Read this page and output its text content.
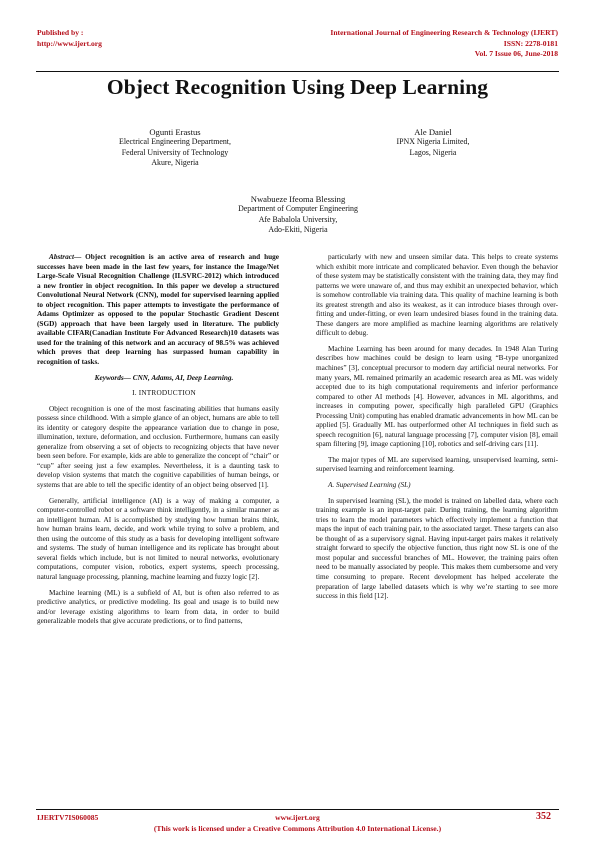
Published by :
http://www.ijert.org
International Journal of Engineering Research & Technology (IJERT)
ISSN: 2278-0181
Vol. 7 Issue 06, June-2018
Object Recognition Using Deep Learning
Ogunti Erastus
Electrical Engineering Department,
Federal University of Technology
Akure, Nigeria
Ale Daniel
IPNX Nigeria Limited,
Lagos, Nigeria
Nwabueze Ifeoma Blessing
Department of Computer Engineering
Afe Babalola University,
Ado-Ekiti, Nigeria

Abstract— Object recognition is an active area of research and huge successes have been made in the last few years, for instance the Image/Net Large-Scale Visual Recognition Challenge (ILSVRC-2012) which introduced a new frontier in object recognition. In this paper we develop a structured Convolutional Neural Network (CNN), model for supervised learning applied to object recognition. This paper attempts to investigate the performance of Adams Optimizer as opposed to the popular Stochastic Gradient Descent (SGD) approach that have been largely used in literature. The publicly available CIFAR(Canadian Institute For Advanced Research)10 datasets was used for the training of this network and an accuracy of 98.5% was achieved which proves that deep learning has surpassed human capability in recognition of tasks.

Keywords— CNN, Adams, AI, Deep Learning.

I. INTRODUCTION

Object recognition is one of the most fascinating abilities that humans easily possess since childhood. With a simple glance of an object, humans are able to tell its identity or category despite the appearance variation due to change in pose, illumination, texture, deformation, and occlusion. Furthermore, humans can easily generalize from observing a set of objects to recognizing objects that have never been seen before. For example, kids are able to generalize the concept of “chair” or “cup” after seeing just a few examples. Nevertheless, it is a daunting task to develop vision systems that match the cognitive capabilities of human beings, or systems that are able to tell the specific identity of an object being observed [1].

Generally, artificial intelligence (AI) is a way of making a computer, a computer-controlled robot or a software think intelligently, in a similar manner as an intelligent human. AI is accomplished by studying how human brains think, how human brains learn, decide, and work while trying to solve a problem, and then using the outcome of this study as a basis for developing intelligent software and systems. The study of human intelligence and its replicate has brought about several fields which include, but is not limited to neural networks, evolutionary computations, computer vision, robotics, expert systems, speech processing, natural language processing, planning, machine learning and fuzzy logic [2].

Machine learning (ML) is a subfield of AI, but is often also referred to as predictive analytics, or predictive modeling. Its goal and usage is to build new and/or leverage existing algorithms to learn from data, in order to build generalizable models that give accurate predictions, or to find patterns,

particularly with new and unseen similar data. This helps to create systems which exhibit more intricate and complicated behavior. Even though the behavior of these system may be statistically consistent with the training data, they may find patterns we were unaware of, and thus may exhibit an unexpected behavior, which is somehow controllable via training data. This quality of machine learning is both its greatest strength and also its weakest, as it can introduce biases through over-fitting and under-fitting, or even learn undesired biases found in the training data. These dangers are more amplified as machine learning algorithms are relatively difficult to debug.

Machine Learning has been around for many decades. In 1948 Alan Turing describes how machines could be design to learn using “B-type unorganized machines” [3], conceptual precursor to modern day artificial neural networks. For many years, ML remained primarily an academic research area as ML was widely accepted due to its high computational requirements and inferior performance compared to other AI methods [4]. However, advances in ML algorithms, and increases in computing power, specifically high paralleled GPU (Graphics Processing Unit) computing has enabled dramatic advancements in how ML can be applied [5]. Gradually ML has outperformed other AI techniques in field such as speech recognition [6], natural language processing [7], computer vision [8], email spam filtering [9], image captioning [10], robotics and self-driving cars [11].

The major types of ML are supervised learning, unsupervised learning, semi-supervised learning and reinforcement learning.

A. Supervised Learning (SL)

In supervised learning (SL), the model is trained on labelled data, where each training example is an input-target pair. During training, the learning algorithm tries to learn the model parameters which effectively implement a function that maps the input of each training pair, to the associated target. These targets can also be thought of as a supervisory signal. Having input-target pairs makes it relatively straight forward to specify the objective function, thus right now SL is one of the most popular and successful branches of ML. However, the training pairs often need to be manually associated by people. This makes them cumbersome and very time consuming to prepare. Recent development has helped accelerate the preparation of large labelled datasets which is why we’re starting to see more success in this field [12].

IJERTV7IS060085	www.ijert.org
(This work is licensed under a Creative Commons Attribution 4.0 International License.)
352
